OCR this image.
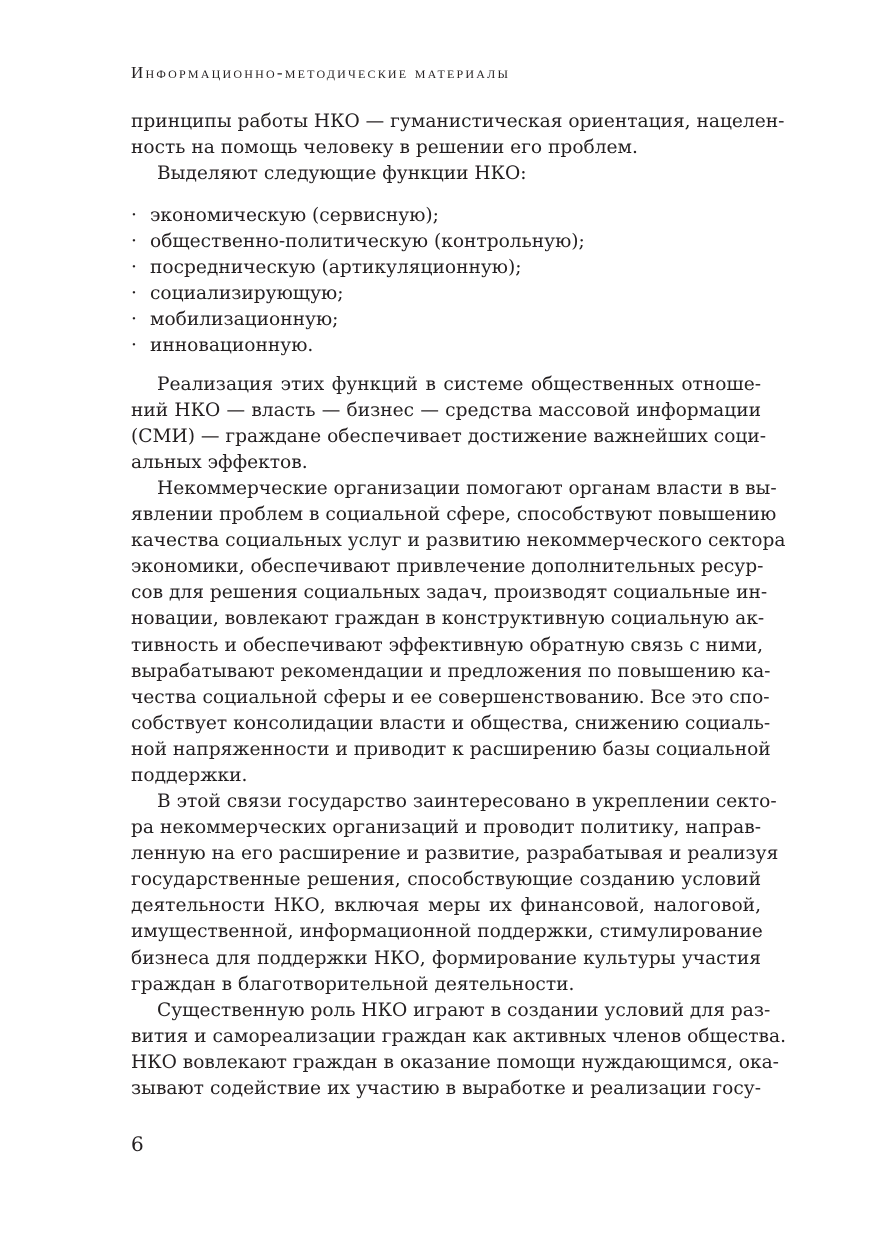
Информационно-методические материалы
принципы работы НКО — гуманистическая ориентация, нацелен-
ность на помощь человеку в решении его проблем.
Выделяют следующие функции НКО:
· экономическую (сервисную);
· общественно-политическую (контрольную);
· посредническую (артикуляционную);
· социализирующую;
· мобилизационную;
· инновационную.
Реализация этих функций в системе общественных отноше-
ний НКО — власть — бизнес — средства массовой информации
(СМИ) — граждане обеспечивает достижение важнейших соци-
альных эффектов.
Некоммерческие организации помогают органам власти в вы-
явлении проблем в социальной сфере, способствуют повышению
качества социальных услуг и развитию некоммерческого сектора
экономики, обеспечивают привлечение дополнительных ресур-
сов для решения социальных задач, производят социальные ин-
новации, вовлекают граждан в конструктивную социальную ак-
тивность и обеспечивают эффективную обратную связь с ними,
вырабатывают рекомендации и предложения по повышению ка-
чества социальной сферы и ее совершенствованию. Все это спо-
собствует консолидации власти и общества, снижению социаль-
ной напряженности и приводит к расширению базы социальной
поддержки.
В этой связи государство заинтересовано в укреплении секто-
ра некоммерческих организаций и проводит политику, направ-
ленную на его расширение и развитие, разрабатывая и реализуя
государственные решения, способствующие созданию условий
деятельности НКО, включая меры их финансовой, налоговой,
имущественной, информационной поддержки, стимулирование
бизнеса для поддержки НКО, формирование культуры участия
граждан в благотворительной деятельности.
Существенную роль НКО играют в создании условий для раз-
вития и самореализации граждан как активных членов общества.
НКО вовлекают граждан в оказание помощи нуждающимся, ока-
зывают содействие их участию в выработке и реализации госу-
6
